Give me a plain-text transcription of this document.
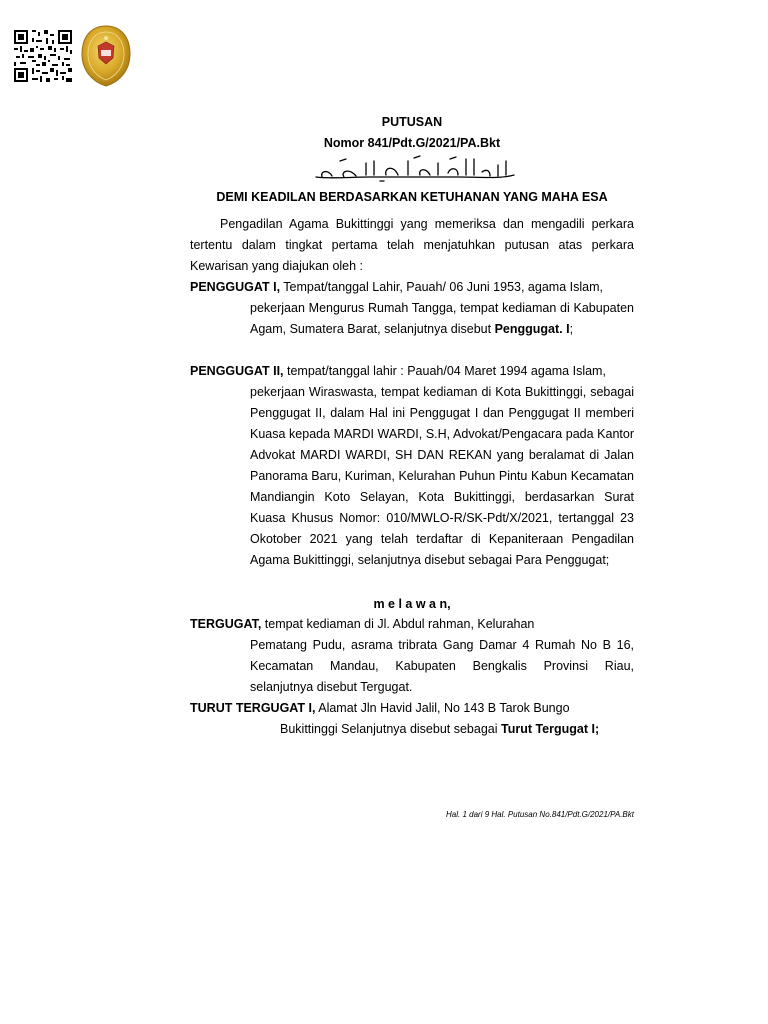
PUTUSAN
Nomor 841/Pdt.G/2021/PA.Bkt
DEMI KEADILAN BERDASARKAN KETUHANAN YANG MAHA ESA
Pengadilan Agama Bukittinggi yang memeriksa dan mengadili perkara tertentu dalam tingkat pertama telah menjatuhkan putusan atas perkara Kewarisan yang diajukan oleh :
PENGGUGAT I, Tempat/tanggal Lahir, Pauah/ 06 Juni 1953, agama Islam,
pekerjaan Mengurus Rumah Tangga, tempat kediaman di Kabupaten Agam, Sumatera Barat, selanjutnya disebut Penggugat. I;
PENGGUGAT II, tempat/tanggal lahir : Pauah/04 Maret 1994 agama Islam,
pekerjaan Wiraswasta, tempat kediaman di Kota Bukittinggi, sebagai Penggugat II, dalam Hal ini Penggugat I dan Penggugat II memberi Kuasa kepada MARDI WARDI, S.H, Advokat/Pengacara pada Kantor Advokat MARDI WARDI, SH DAN REKAN yang beralamat di Jalan Panorama Baru, Kuriman, Kelurahan Puhun Pintu Kabun Kecamatan Mandiangin Koto Selayan, Kota Bukittinggi, berdasarkan Surat Kuasa Khusus Nomor: 010/MWLO-R/SK-Pdt/X/2021, tertanggal 23 Okotober 2021 yang telah terdaftar di Kepaniteraan Pengadilan Agama Bukittinggi, selanjutnya disebut sebagai Para Penggugat;
m e l a w a n,
TERGUGAT, tempat kediaman di Jl. Abdul rahman, Kelurahan
Pematang Pudu, asrama tribrata Gang Damar 4 Rumah No B 16, Kecamatan Mandau, Kabupaten Bengkalis Provinsi Riau, selanjutnya disebut Tergugat.
TURUT TERGUGAT I, Alamat Jln Havid Jalil, No 143 B Tarok Bungo
Bukittinggi Selanjutnya disebut sebagai Turut Tergugat I;
Hal. 1 dari 9 Hal. Putusan No.841/Pdt.G/2021/PA.Bkt
